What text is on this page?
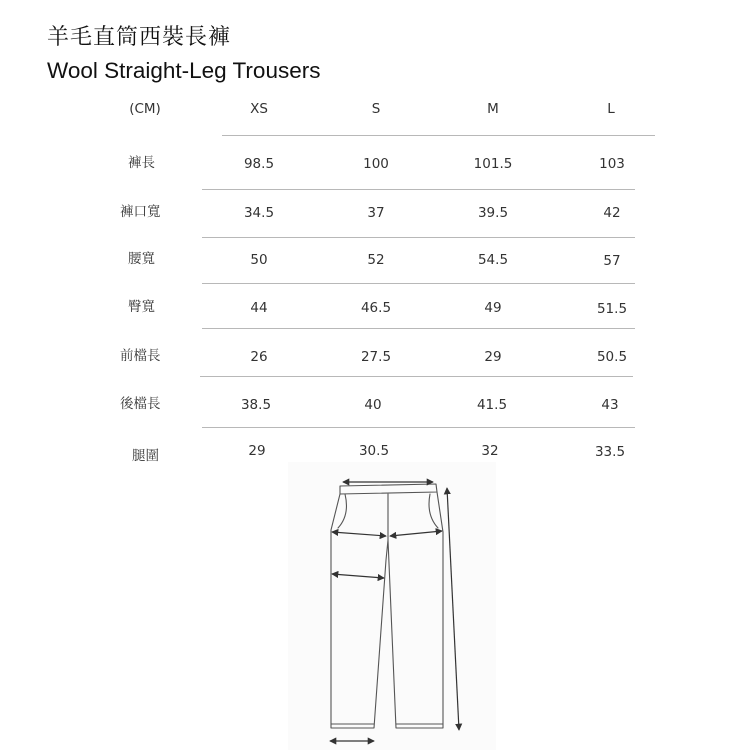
羊毛直筒西裝長褲
Wool Straight-Leg Trousers
(CM)	XS	S	M	L
褲長	98.5	100	101.5	103
褲口寬	34.5	37	39.5	42
腰寬	50	52	54.5	57
臀寬	44	46.5	49	51.5
前檔長	26	27.5	29	50.5
後檔長	38.5	40	41.5	43
腿圍	29	30.5	32	33.5
